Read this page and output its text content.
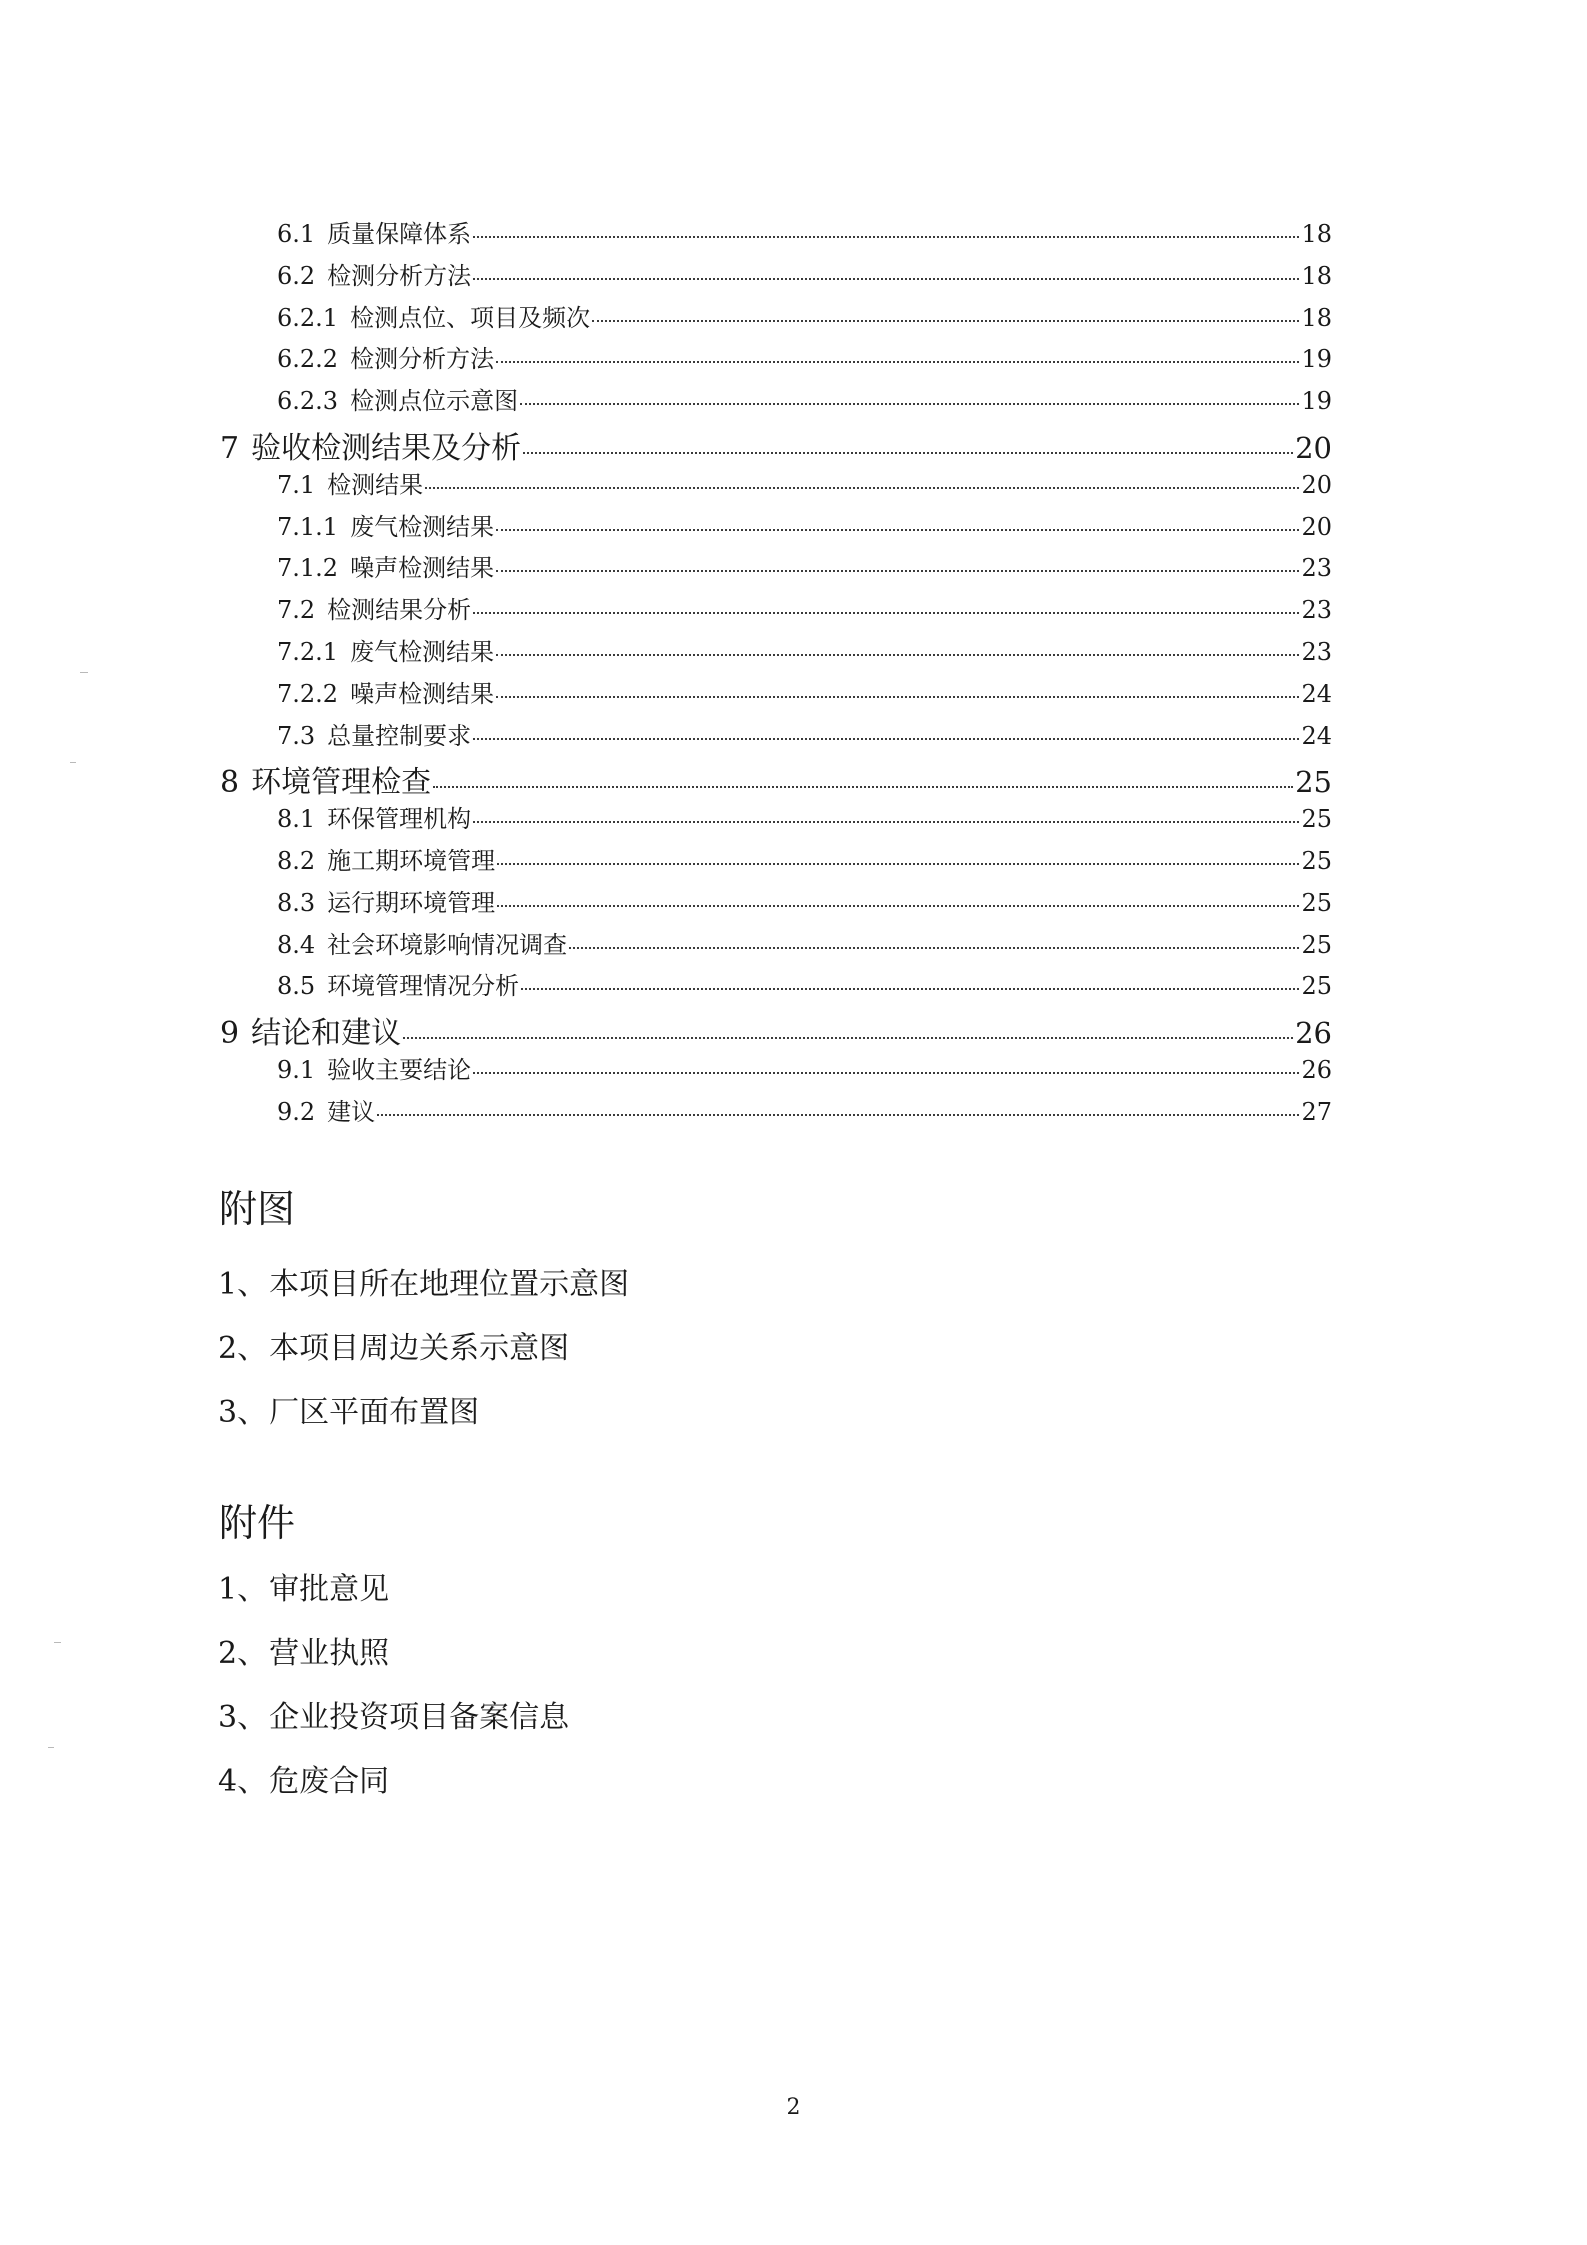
6.1 质量保障体系	18
6.2 检测分析方法	18
6.2.1 检测点位、项目及频次	18
6.2.2 检测分析方法	19
6.2.3 检测点位示意图	19
7 验收检测结果及分析	20
7.1 检测结果	20
7.1.1 废气检测结果	20
7.1.2 噪声检测结果	23
7.2 检测结果分析	23
7.2.1 废气检测结果	23
7.2.2 噪声检测结果	24
7.3 总量控制要求	24
8 环境管理检查	25
8.1 环保管理机构	25
8.2 施工期环境管理	25
8.3 运行期环境管理	25
8.4 社会环境影响情况调查	25
8.5 环境管理情况分析	25
9 结论和建议	26
9.1 验收主要结论	26
9.2 建议	27
附图
1、本项目所在地理位置示意图
2、本项目周边关系示意图
3、厂区平面布置图
附件
1、审批意见
2、营业执照
3、企业投资项目备案信息
4、危废合同
2
